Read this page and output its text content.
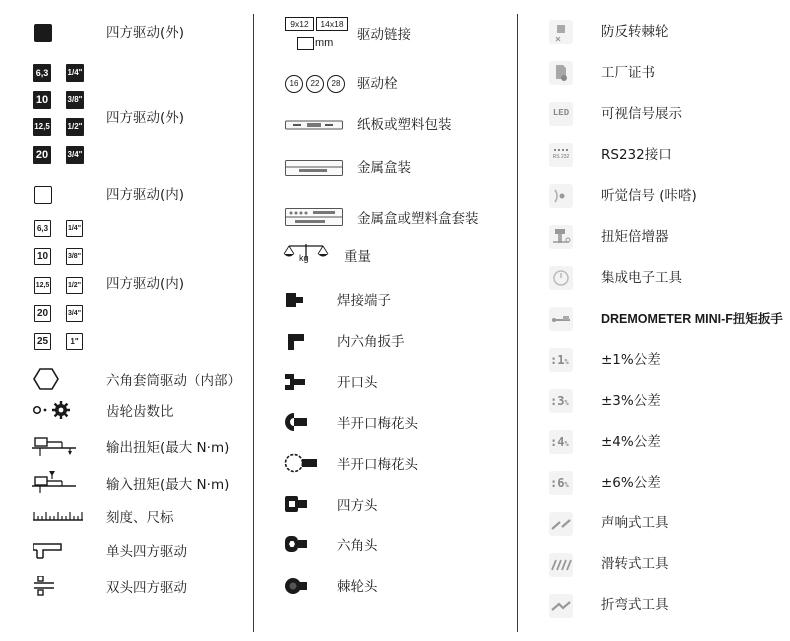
四方驱动(外)
6,3	1/4"
10	3/8"
12,5 1/2"
20	3/4"
四方驱动(外)
四方驱动(内)
6,3	1/4"
10	3/8"
12,5	1/2"
20	3/4"
25	1"
四方驱动(内)
六角套筒驱动（内部）
齿轮齿数比
输出扭矩(最大 N·m)
输入扭矩(最大 N·m)
刻度、尺标
单头四方驱动
双头四方驱动
9x12	14x18
mm 驱动链接
16	22	28	驱动栓
纸板或塑料包装
金属盒装
金属盒或塑料盒套装
kg	重量
焊接端子
内六角扳手
开口头
半开口梅花头
半开口梅花头
四方头
六角头
棘轮头
防反转棘轮
工厂证书
LED 可视信号展示
RS 232 RS232接口
听觉信号 (咔嗒)
扭矩倍增器
集成电子工具
DREMOMETER MINI-F扭矩扳手
:1% ±1%公差
:3% ±3%公差
:4% ±4%公差
:6% ±6%公差
声响式工具
滑转式工具
折弯式工具
